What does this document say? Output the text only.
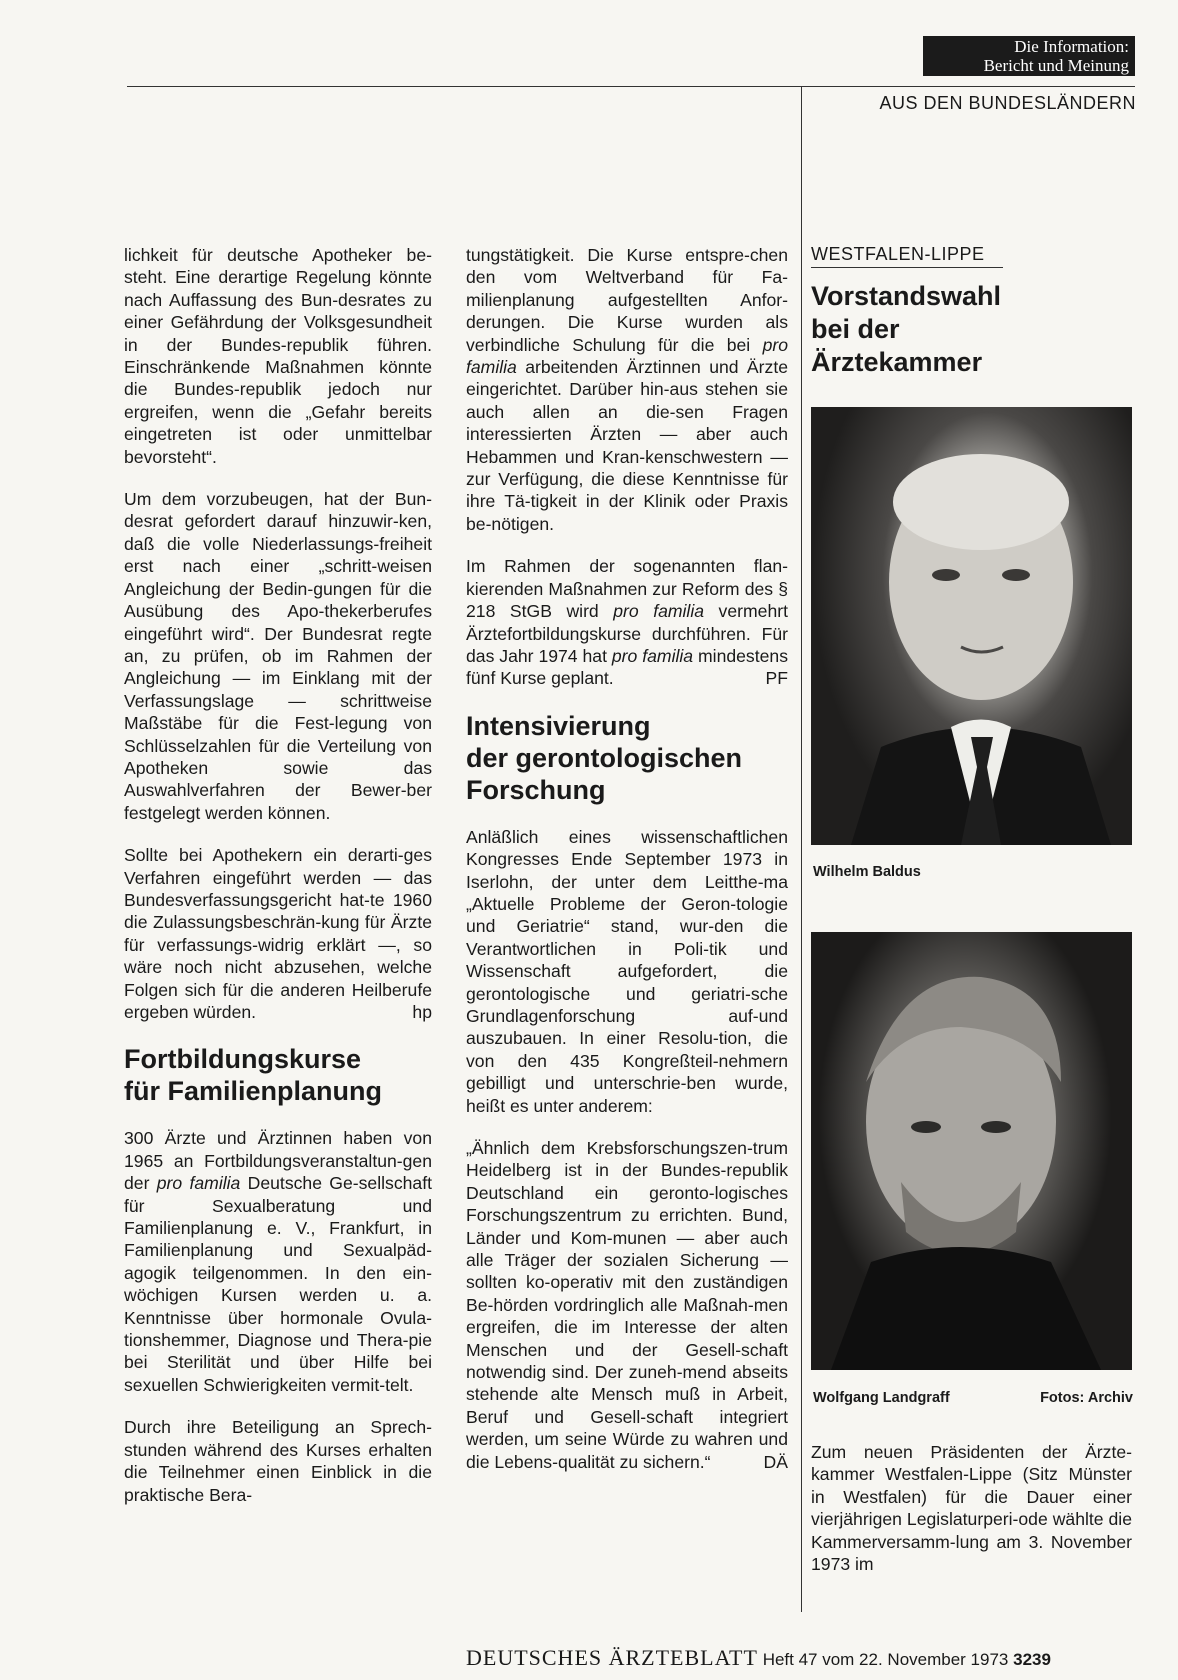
Die Information:
Bericht und Meinung
AUS DEN BUNDESLÄNDERN

lichkeit für deutsche Apotheker be-steht. Eine derartige Regelung könnte nach Auffassung des Bun-desrates zu einer Gefährdung der Volksgesundheit in der Bundes-republik führen. Einschränkende Maßnahmen könnte die Bundes-republik jedoch nur ergreifen, wenn die „Gefahr bereits eingetreten ist oder unmittelbar bevorsteht“.

Um dem vorzubeugen, hat der Bun-desrat gefordert darauf hinzuwir-ken, daß die volle Niederlassungs-freiheit erst nach einer „schritt-weisen Angleichung der Bedin-gungen für die Ausübung des Apo-thekerberufes eingeführt wird“. Der Bundesrat regte an, zu prüfen, ob im Rahmen der Angleichung — im Einklang mit der Verfassungslage — schrittweise Maßstäbe für die Fest-legung von Schlüsselzahlen für die Verteilung von Apotheken sowie das Auswahlverfahren der Bewer-ber festgelegt werden können.

Sollte bei Apothekern ein derarti-ges Verfahren eingeführt werden — das Bundesverfassungsgericht hat-te 1960 die Zulassungsbeschrän-kung für Ärzte für verfassungs-widrig erklärt —, so wäre noch nicht abzusehen, welche Folgen sich für die anderen Heilberufe ergeben würden.	hp

Fortbildungskurse
für Familienplanung

300 Ärzte und Ärztinnen haben von 1965 an Fortbildungsveranstaltun-gen der pro familia Deutsche Ge-sellschaft für Sexualberatung und Familienplanung e. V., Frankfurt, in Familienplanung und Sexualpäd-agogik teilgenommen. In den ein-wöchigen Kursen werden u. a. Kenntnisse über hormonale Ovula-tionshemmer, Diagnose und Thera-pie bei Sterilität und über Hilfe bei sexuellen Schwierigkeiten vermit-telt.

Durch ihre Beteiligung an Sprech-stunden während des Kurses erhalten die Teilnehmer einen Einblick in die praktische Bera-

tungstätigkeit. Die Kurse entspre-chen den vom Weltverband für Fa-milienplanung aufgestellten Anfor-derungen. Die Kurse wurden als verbindliche Schulung für die bei pro familia arbeitenden Ärztinnen und Ärzte eingerichtet. Darüber hin-aus stehen sie auch allen an die-sen Fragen interessierten Ärzten — aber auch Hebammen und Kran-kenschwestern — zur Verfügung, die diese Kenntnisse für ihre Tä-tigkeit in der Klinik oder Praxis be-nötigen.

Im Rahmen der sogenannten flan-kierenden Maßnahmen zur Reform des § 218 StGB wird pro familia vermehrt Ärztefortbildungskurse durchführen. Für das Jahr 1974 hat pro familia mindestens fünf Kurse geplant.	PF

Intensivierung
der gerontologischen
Forschung

Anläßlich eines wissenschaftlichen Kongresses Ende September 1973 in Iserlohn, der unter dem Leitthe-ma „Aktuelle Probleme der Geron-tologie und Geriatrie“ stand, wur-den die Verantwortlichen in Poli-tik und Wissenschaft aufgefordert, die gerontologische und geriatri-sche Grundlagenforschung auf-und auszubauen. In einer Resolu-tion, die von den 435 Kongreßteil-nehmern gebilligt und unterschrie-ben wurde, heißt es unter anderem:

„Ähnlich dem Krebsforschungszen-trum Heidelberg ist in der Bundes-republik Deutschland ein geronto-logisches Forschungszentrum zu errichten. Bund, Länder und Kom-munen — aber auch alle Träger der sozialen Sicherung — sollten ko-operativ mit den zuständigen Be-hörden vordringlich alle Maßnah-men ergreifen, die im Interesse der alten Menschen und der Gesell-schaft notwendig sind. Der zuneh-mend abseits stehende alte Mensch muß in Arbeit, Beruf und Gesell-schaft integriert werden, um seine Würde zu wahren und die Lebens-qualität zu sichern.“	DÄ

WESTFALEN-LIPPE
Vorstandswahl
bei der
Ärztekammer
Wilhelm Baldus
Wolfgang Landgraff	Fotos: Archiv

Zum neuen Präsidenten der Ärzte-kammer Westfalen-Lippe (Sitz Münster in Westfalen) für die Dauer einer vierjährigen Legislaturperi-ode wählte die Kammerversamm-lung am 3. November 1973 im

DEUTSCHES ÄRZTEBLATT Heft 47 vom 22. November 1973 3239
